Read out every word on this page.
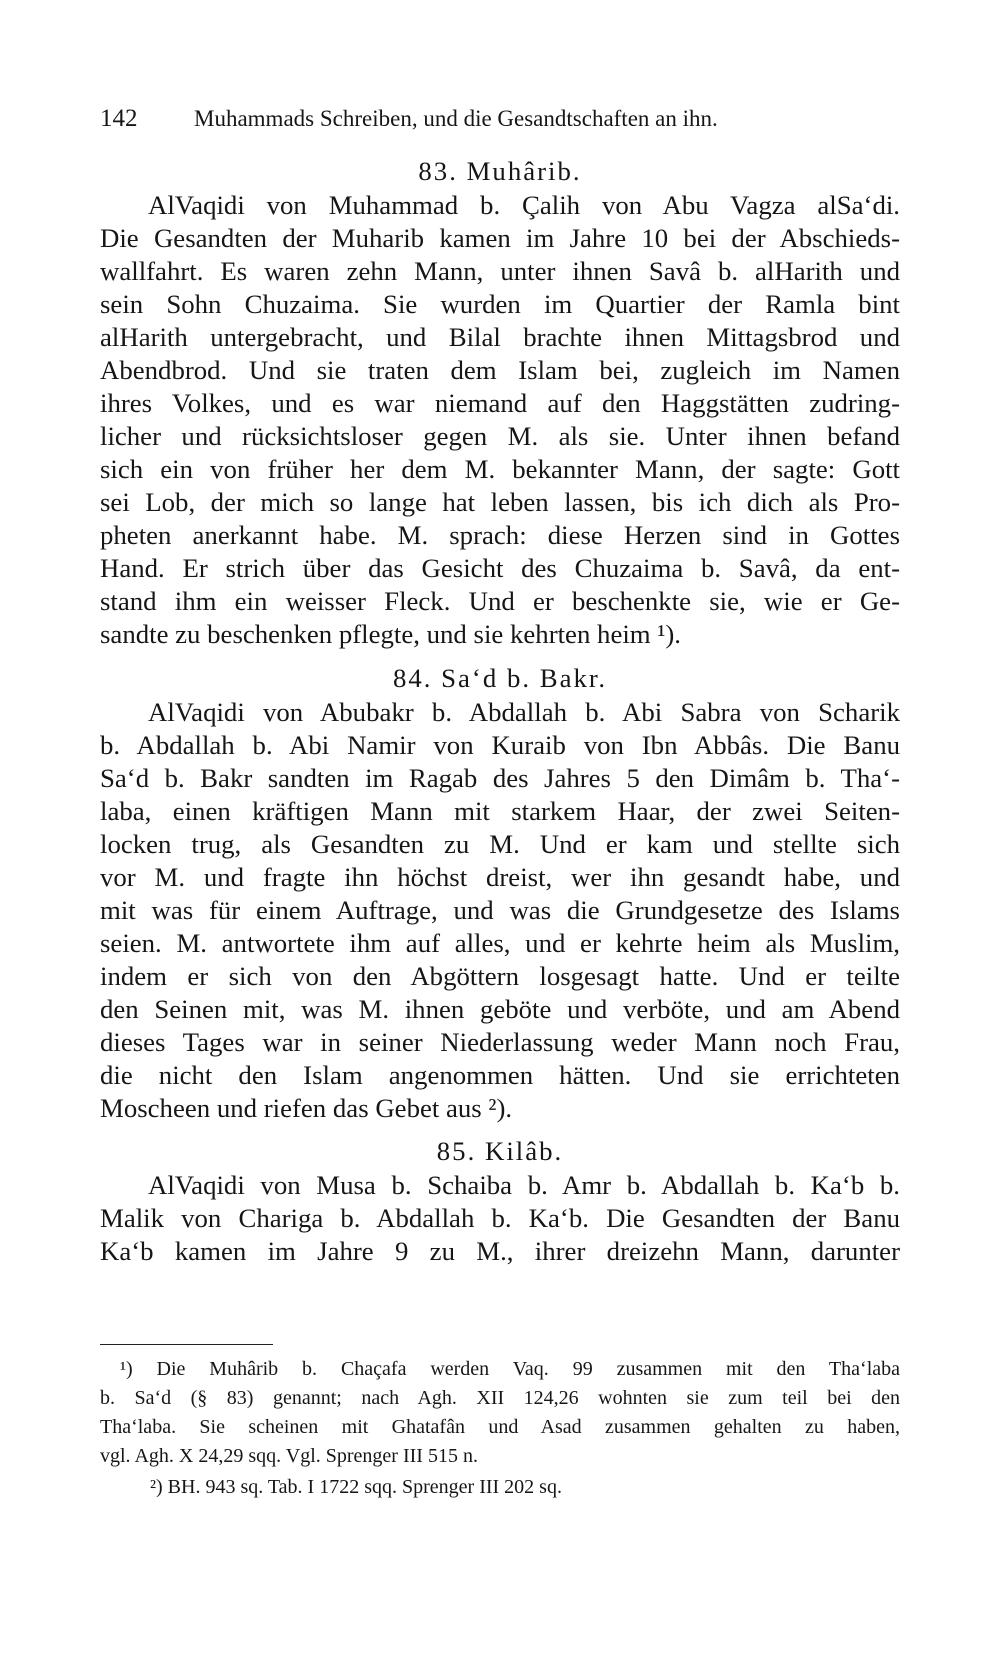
142 Muhammads Schreiben, und die Gesandtschaften an ihn.
83. Muhârib.
AlVaqidi von Muhammad b. Çalih von Abu Vagza alSa‘di.
Die Gesandten der Muharib kamen im Jahre 10 bei der Abschieds-
wallfahrt. Es waren zehn Mann, unter ihnen Savâ b. alHarith und
sein Sohn Chuzaima. Sie wurden im Quartier der Ramla bint
alHarith untergebracht, und Bilal brachte ihnen Mittagsbrod und
Abendbrod. Und sie traten dem Islam bei, zugleich im Namen
ihres Volkes, und es war niemand auf den Haggstätten zudring-
licher und rücksichtsloser gegen M. als sie. Unter ihnen befand
sich ein von früher her dem M. bekannter Mann, der sagte: Gott
sei Lob, der mich so lange hat leben lassen, bis ich dich als Pro-
pheten anerkannt habe. M. sprach: diese Herzen sind in Gottes
Hand. Er strich über das Gesicht des Chuzaima b. Savâ, da ent-
stand ihm ein weisser Fleck. Und er beschenkte sie, wie er Ge-
sandte zu beschenken pflegte, und sie kehrten heim ¹).
84. Sa‘d b. Bakr.
AlVaqidi von Abubakr b. Abdallah b. Abi Sabra von Scharik
b. Abdallah b. Abi Namir von Kuraib von Ibn Abbâs. Die Banu
Sa‘d b. Bakr sandten im Ragab des Jahres 5 den Dimâm b. Tha‘-
laba, einen kräftigen Mann mit starkem Haar, der zwei Seiten-
locken trug, als Gesandten zu M. Und er kam und stellte sich
vor M. und fragte ihn höchst dreist, wer ihn gesandt habe, und
mit was für einem Auftrage, und was die Grundgesetze des Islams
seien. M. antwortete ihm auf alles, und er kehrte heim als Muslim,
indem er sich von den Abgöttern losgesagt hatte. Und er teilte
den Seinen mit, was M. ihnen geböte und verböte, und am Abend
dieses Tages war in seiner Niederlassung weder Mann noch Frau,
die nicht den Islam angenommen hätten. Und sie errichteten
Moscheen und riefen das Gebet aus ²).
85. Kilâb.
AlVaqidi von Musa b. Schaiba b. Amr b. Abdallah b. Ka‘b b.
Malik von Chariga b. Abdallah b. Ka‘b. Die Gesandten der Banu
Ka‘b kamen im Jahre 9 zu M., ihrer dreizehn Mann, darunter
¹) Die Muhârib b. Chaçafa werden Vaq. 99 zusammen mit den Tha‘laba
b. Sa‘d (§ 83) genannt; nach Agh. XII 124,26 wohnten sie zum teil bei den
Tha‘laba. Sie scheinen mit Ghatafân und Asad zusammen gehalten zu haben,
vgl. Agh. X 24,29 sqq. Vgl. Sprenger III 515 n.
²) BH. 943 sq. Tab. I 1722 sqq. Sprenger III 202 sq.
